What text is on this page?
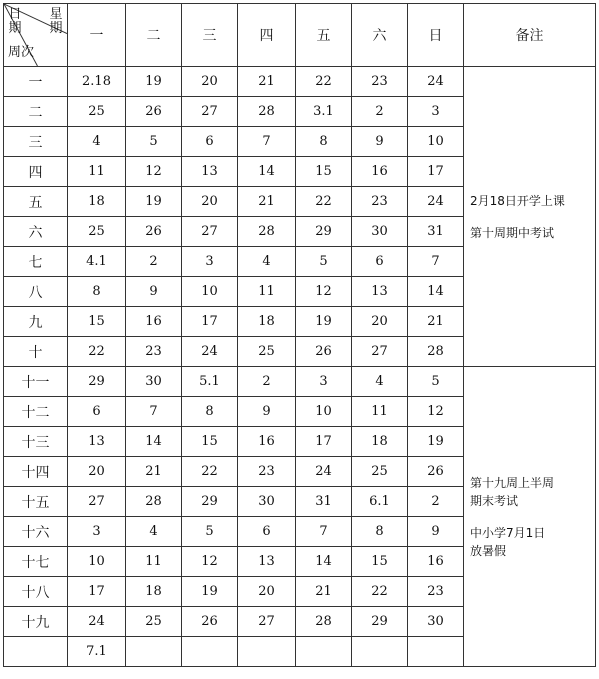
星期
日期
周次	一	二	三	四	五	六	日	备注
一	2.18	19	20	21	22	23	24	2月18日开学上课
第十周期中考试

二	25	26	27	28	3.1	2	3	
三	4	5	6	7	8	9	10	
四	11	12	13	14	15	16	17	
五	18	19	20	21	22	23	24	
六	25	26	27	28	29	30	31	
七	4.1	2	3	4	5	6	7	
八	8	9	10	11	12	13	14	
九	15	16	17	18	19	20	21	
十	22	23	24	25	26	27	28	
十一	29	30	5.1	2	3	4	5	第十九周上半周
期末考试
中小学7月1日
放暑假

十二	6	7	8	9	10	11	12	
十三	13	14	15	16	17	18	19	
十四	20	21	22	23	24	25	26	
十五	27	28	29	30	31	6.1	2	
十六	3	4	5	6	7	8	9	
十七	10	11	12	13	14	15	16	
十八	17	18	19	20	21	22	23	
十九	24	25	26	27	28	29	30	
	7.1							
